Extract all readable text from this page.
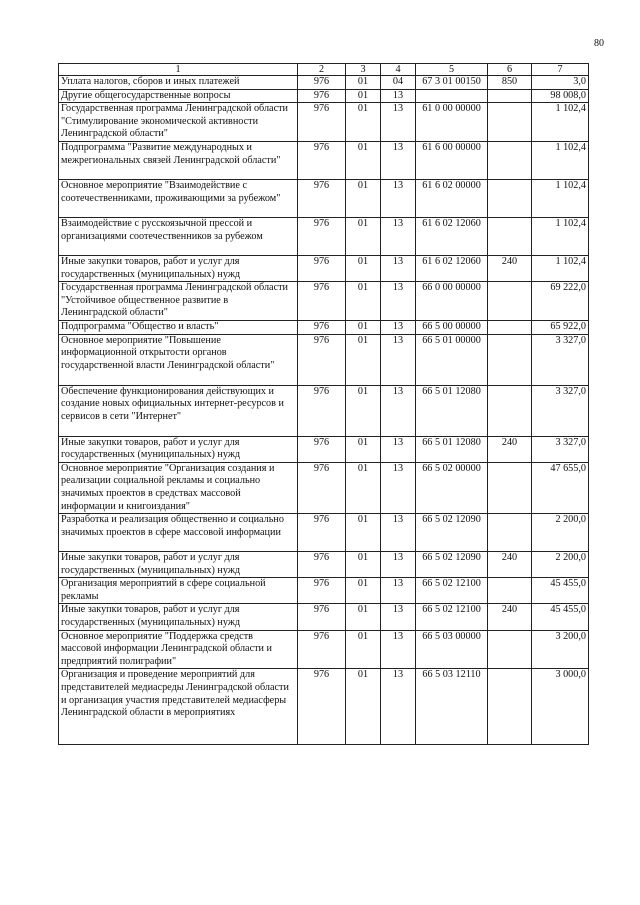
80
1	2	3	4	5	6	7
Уплата налогов, сборов и иных платежей	976	01	04	67 3 01 00150	850	3,0
Другие общегосударственные вопросы	976	01	13			98 008,0
Государственная программа Ленинградской области "Стимулирование экономической активности Ленинградской области"	976	01	13	61 0 00 00000		1 102,4
Подпрограмма "Развитие международных и межрегиональных связей Ленинградской области"	976	01	13	61 6 00 00000		1 102,4
Основное мероприятие "Взаимодействие с соотечественниками, проживающими за рубежом"	976	01	13	61 6 02 00000		1 102,4
Взаимодействие с русскоязычной прессой и организациями соотечественников за рубежом	976	01	13	61 6 02 12060		1 102,4
Иные закупки товаров, работ и услуг для государственных (муниципальных) нужд	976	01	13	61 6 02 12060	240	1 102,4
Государственная программа Ленинградской области "Устойчивое общественное развитие в Ленинградской области"	976	01	13	66 0 00 00000		69 222,0
Подпрограмма "Общество и власть"	976	01	13	66 5 00 00000		65 922,0
Основное мероприятие "Повышение информационной открытости органов государственной власти Ленинградской области"	976	01	13	66 5 01 00000		3 327,0
Обеспечение функционирования действующих и создание новых официальных интернет-ресурсов и сервисов в сети "Интернет"	976	01	13	66 5 01 12080		3 327,0
Иные закупки товаров, работ и услуг для государственных (муниципальных) нужд	976	01	13	66 5 01 12080	240	3 327,0
Основное мероприятие "Организация создания и реализации социальной рекламы и социально значимых проектов в средствах массовой информации и книгоиздания"	976	01	13	66 5 02 00000		47 655,0
Разработка и реализация общественно и социально значимых проектов в сфере массовой информации	976	01	13	66 5 02 12090		2 200,0
Иные закупки товаров, работ и услуг для государственных (муниципальных) нужд	976	01	13	66 5 02 12090	240	2 200,0
Организация мероприятий в сфере социальной рекламы	976	01	13	66 5 02 12100		45 455,0
Иные закупки товаров, работ и услуг для государственных (муниципальных) нужд	976	01	13	66 5 02 12100	240	45 455,0
Основное мероприятие "Поддержка средств массовой информации Ленинградской области и предприятий полиграфии"	976	01	13	66 5 03 00000		3 200,0
Организация и проведение мероприятий для представителей медиасреды Ленинградской области и организация участия представителей медиасферы Ленинградской области в мероприятиях	976	01	13	66 5 03 12110		3 000,0
